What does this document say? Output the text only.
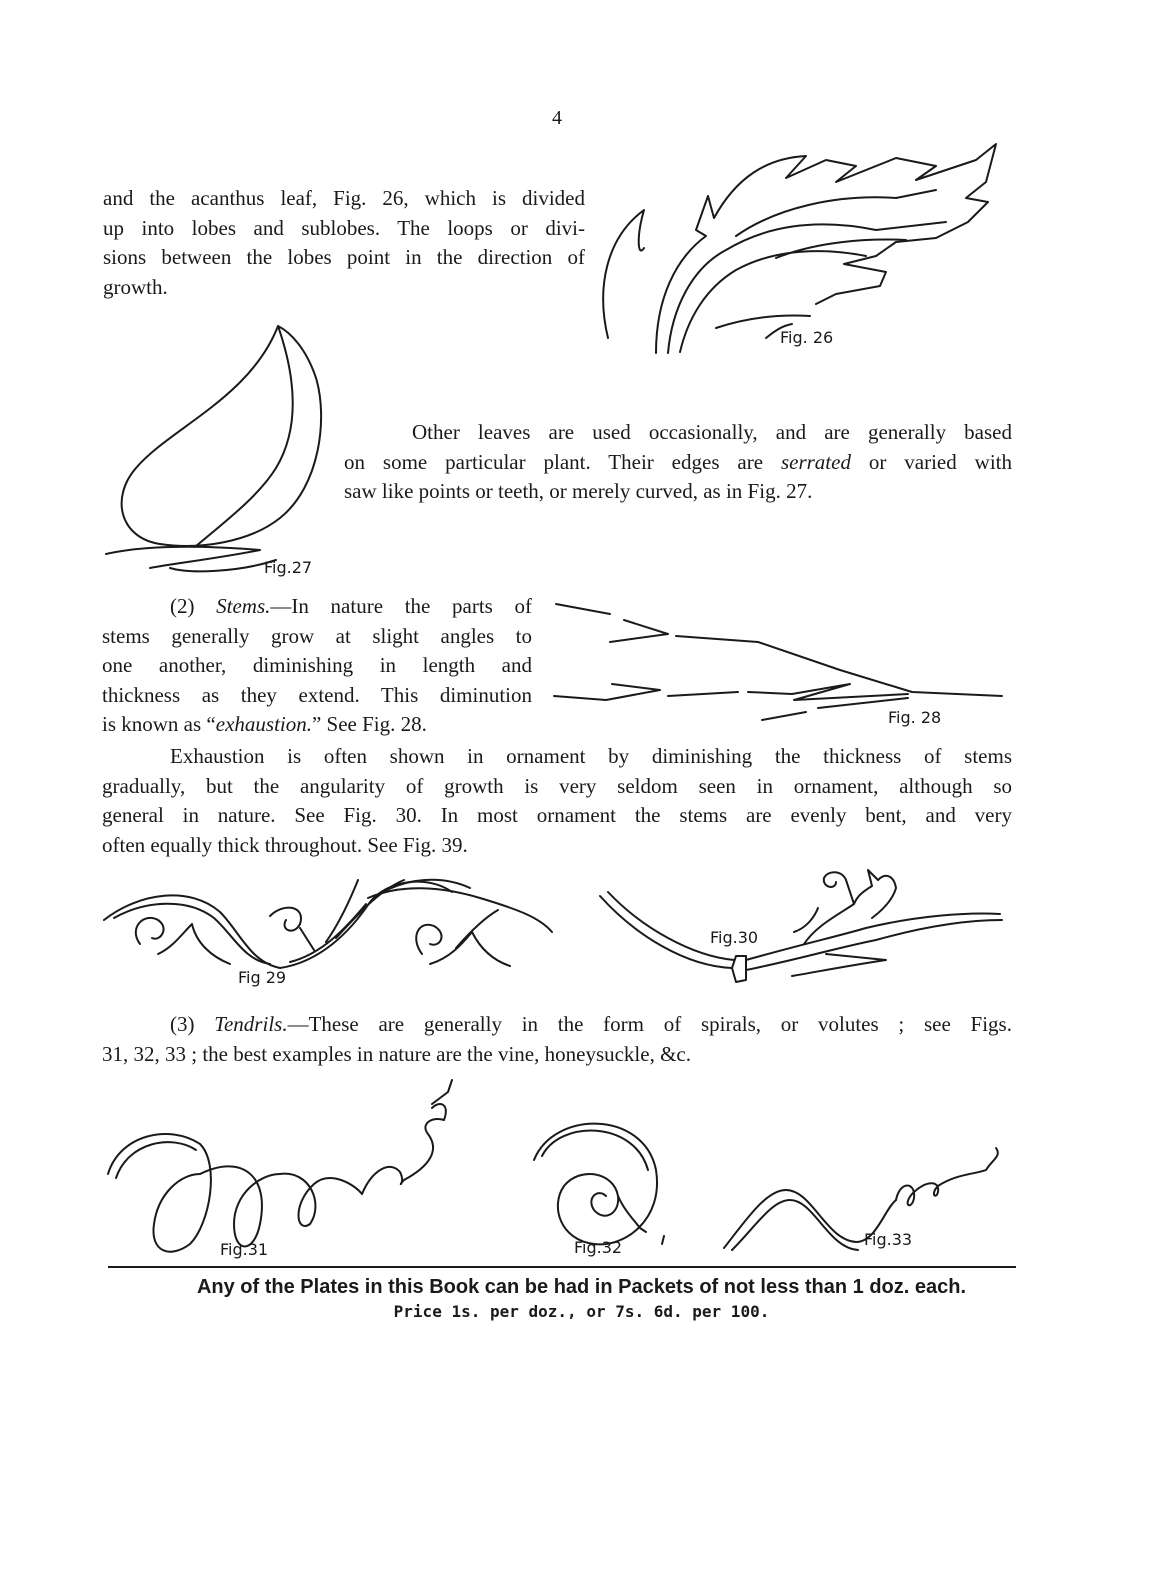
4
and the acanthus leaf, Fig. 26, which is divided
up into lobes and sublobes. The loops or divi-
sions between the lobes point in the direction of
growth.
Fig. 26
Fig.27
Other leaves are used occasionally, and are generally based
on some particular plant. Their edges are serrated or varied with
saw like points or teeth, or merely curved, as in Fig. 27.
(2) Stems.—In nature the parts of
stems generally grow at slight angles to
one another, diminishing in length and
thickness as they extend. This diminution
is known as “exhaustion.” See Fig. 28.	Fig. 28
Exhaustion is often shown in ornament by diminishing the thickness of stems
gradually, but the angularity of growth is very seldom seen in ornament, although so
general in nature. See Fig. 30. In most ornament the stems are evenly bent, and very
often equally thick throughout. See Fig. 39.
Fig 29
Fig.30
(3) Tendrils.—These are generally in the form of spirals, or volutes ; see Figs.
31, 32, 33 ; the best examples in nature are the vine, honeysuckle, &c.
Fig.31	Fig.32	Fig.33
Any of the Plates in this Book can be had in Packets of not less than 1 doz. each.
Price 1s. per doz., or 7s. 6d. per 100.
